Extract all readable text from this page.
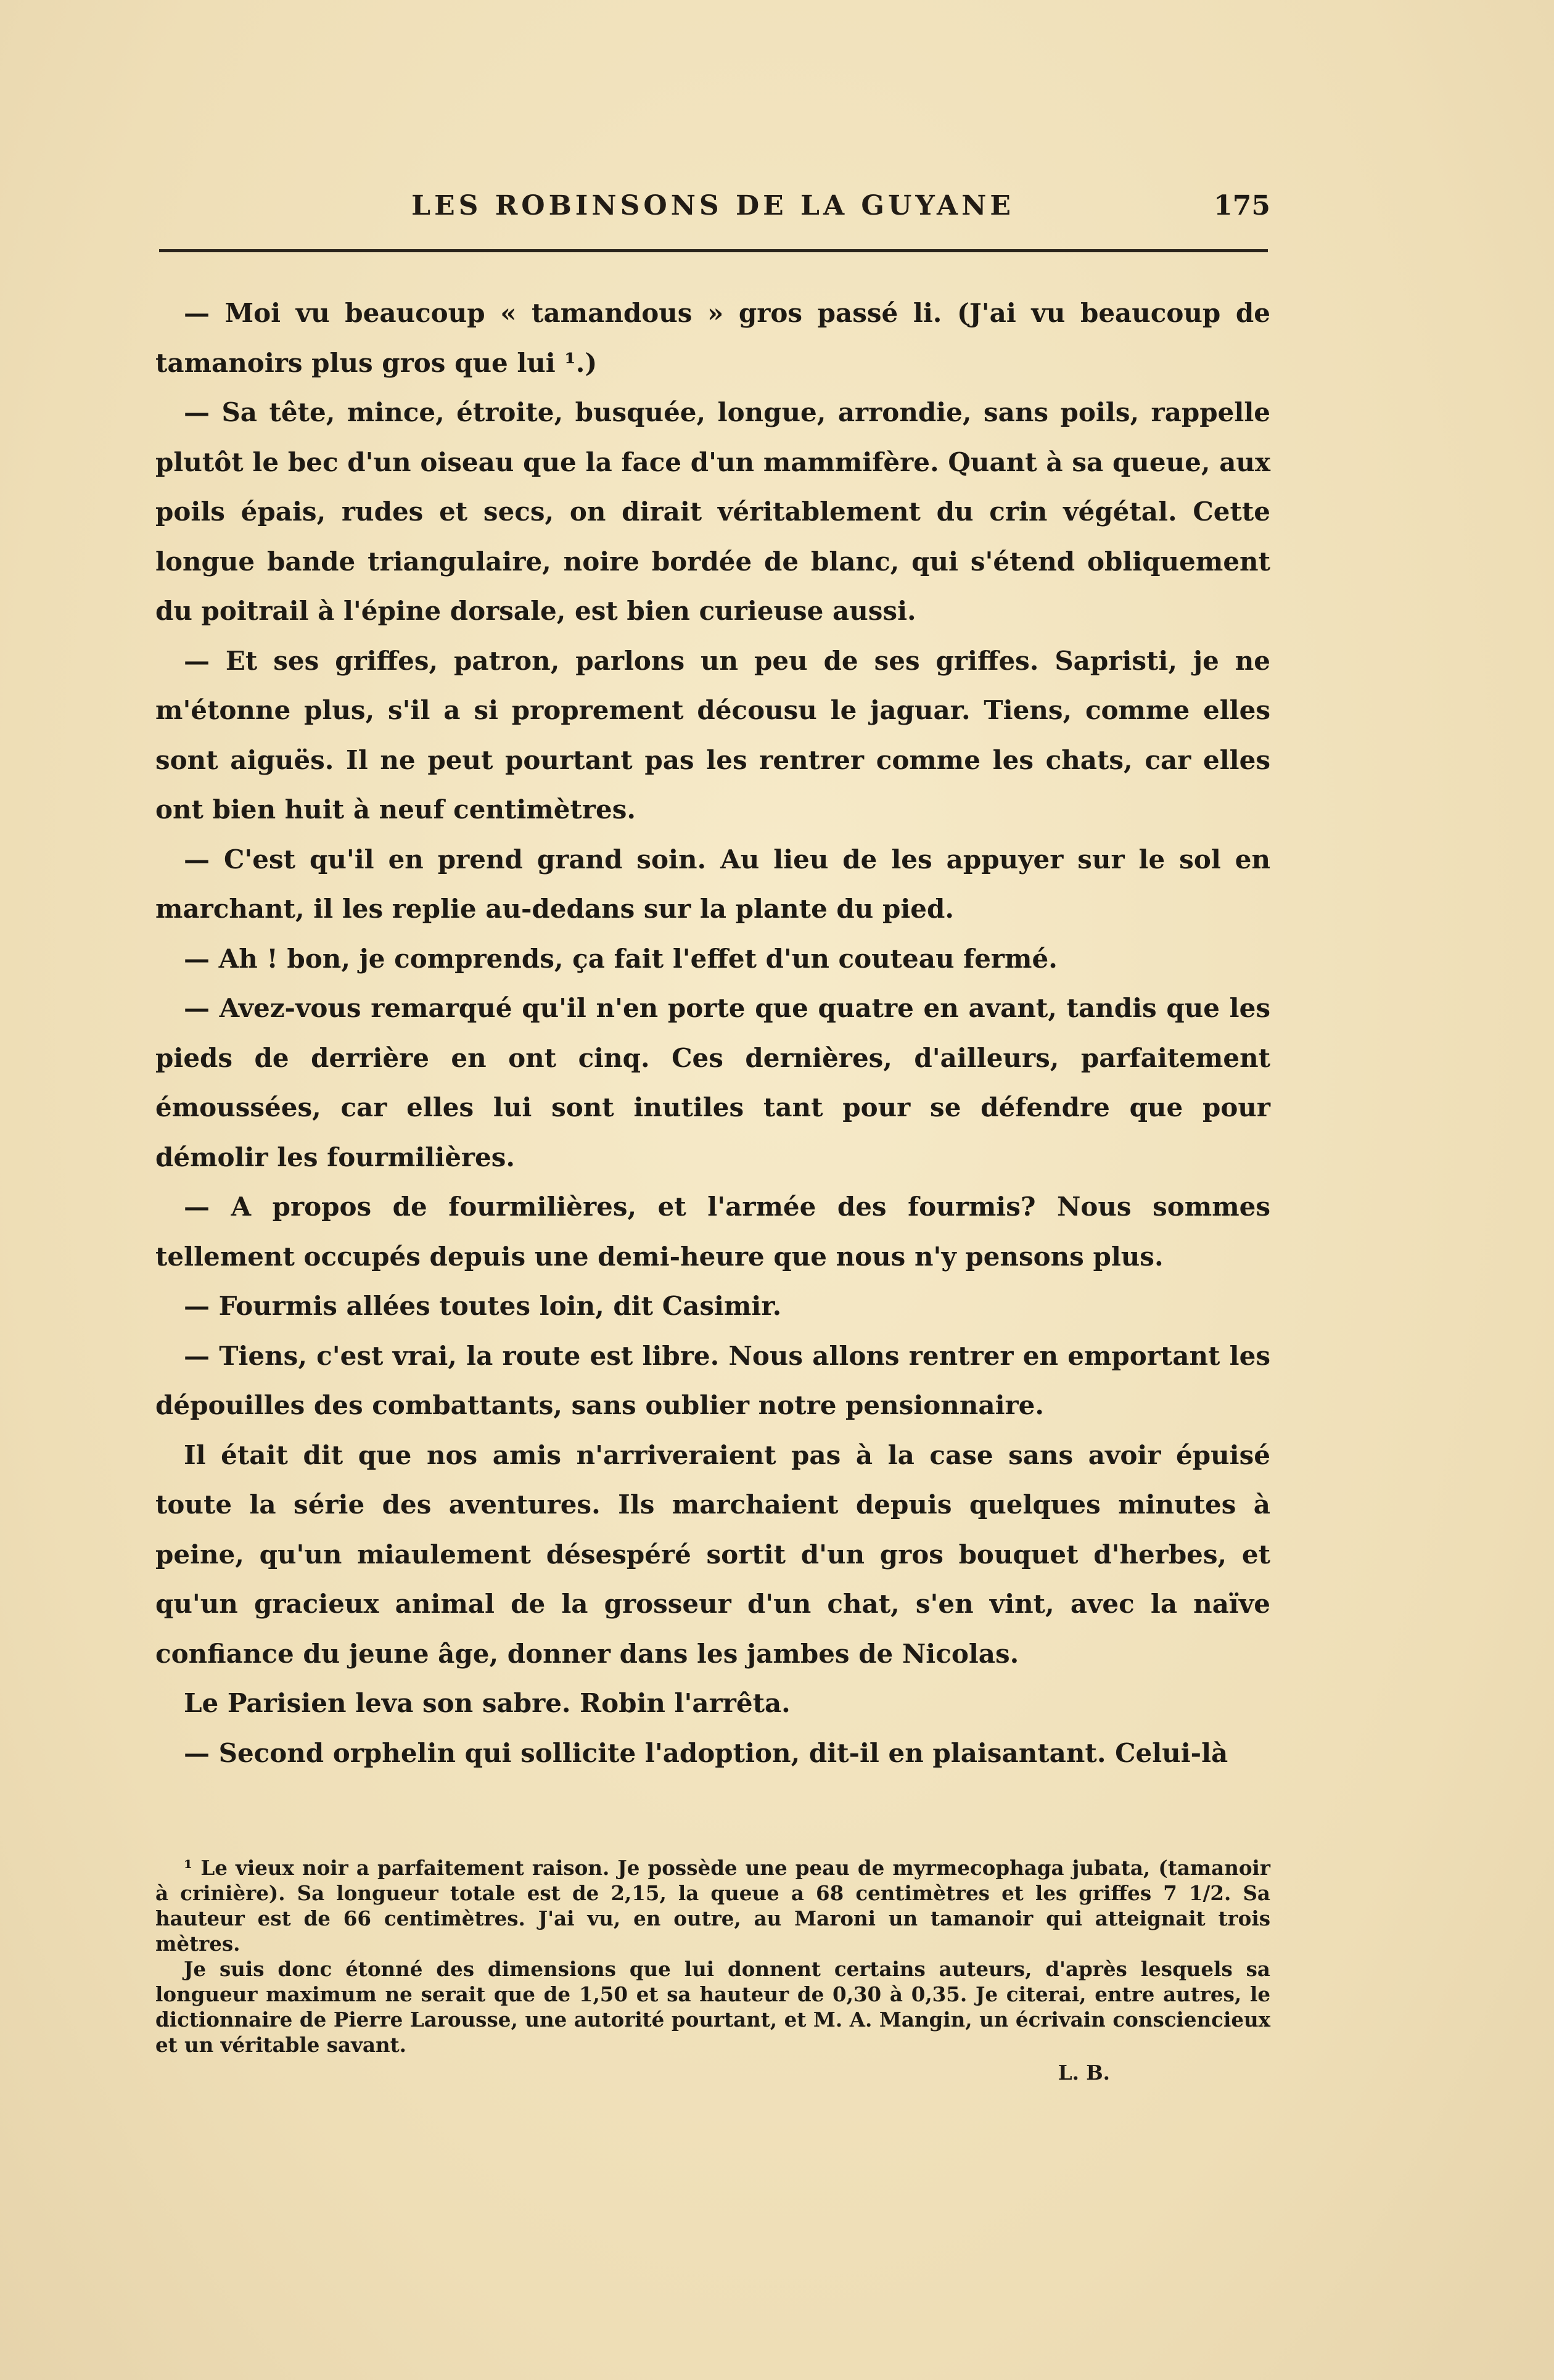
LES ROBINSONS DE LA GUYANE	175

— Moi vu beaucoup « tamandous » gros passé li. (J'ai vu beaucoup de tamanoirs plus gros que lui ¹.)

— Sa tête, mince, étroite, busquée, longue, arrondie, sans poils, rappelle plutôt le bec d'un oiseau que la face d'un mammifère. Quant à sa queue, aux poils épais, rudes et secs, on dirait véritablement du crin végétal. Cette longue bande triangulaire, noire bordée de blanc, qui s'étend obliquement du poitrail à l'épine dorsale, est bien curieuse aussi.

— Et ses griffes, patron, parlons un peu de ses griffes. Sapristi, je ne m'étonne plus, s'il a si proprement décousu le jaguar. Tiens, comme elles sont aiguës. Il ne peut pourtant pas les rentrer comme les chats, car elles ont bien huit à neuf centimètres.

— C'est qu'il en prend grand soin. Au lieu de les appuyer sur le sol en marchant, il les replie au-dedans sur la plante du pied.

— Ah ! bon, je comprends, ça fait l'effet d'un couteau fermé.

— Avez-vous remarqué qu'il n'en porte que quatre en avant, tandis que les pieds de derrière en ont cinq. Ces dernières, d'ailleurs, parfaitement émoussées, car elles lui sont inutiles tant pour se défendre que pour démolir les fourmilières.

— A propos de fourmilières, et l'armée des fourmis? Nous sommes tellement occupés depuis une demi-heure que nous n'y pensons plus.

— Fourmis allées toutes loin, dit Casimir.

— Tiens, c'est vrai, la route est libre. Nous allons rentrer en emportant les dépouilles des combattants, sans oublier notre pensionnaire.

Il était dit que nos amis n'arriveraient pas à la case sans avoir épuisé toute la série des aventures. Ils marchaient depuis quelques minutes à peine, qu'un miaulement désespéré sortit d'un gros bouquet d'herbes, et qu'un gracieux animal de la grosseur d'un chat, s'en vint, avec la naïve confiance du jeune âge, donner dans les jambes de Nicolas.

Le Parisien leva son sabre. Robin l'arrêta.

— Second orphelin qui sollicite l'adoption, dit-il en plaisantant. Celui-là

¹ Le vieux noir a parfaitement raison. Je possède une peau de myrmecophaga jubata, (tamanoir à crinière). Sa longueur totale est de 2,15, la queue a 68 centimètres et les griffes 7 1/2. Sa hauteur est de 66 centimètres. J'ai vu, en outre, au Maroni un tamanoir qui atteignait trois mètres.

Je suis donc étonné des dimensions que lui donnent certains auteurs, d'après lesquels sa longueur maximum ne serait que de 1,50 et sa hauteur de 0,30 à 0,35. Je citerai, entre autres, le dictionnaire de Pierre Larousse, une autorité pourtant, et M. A. Mangin, un écrivain consciencieux et un véritable savant.

L. B.
